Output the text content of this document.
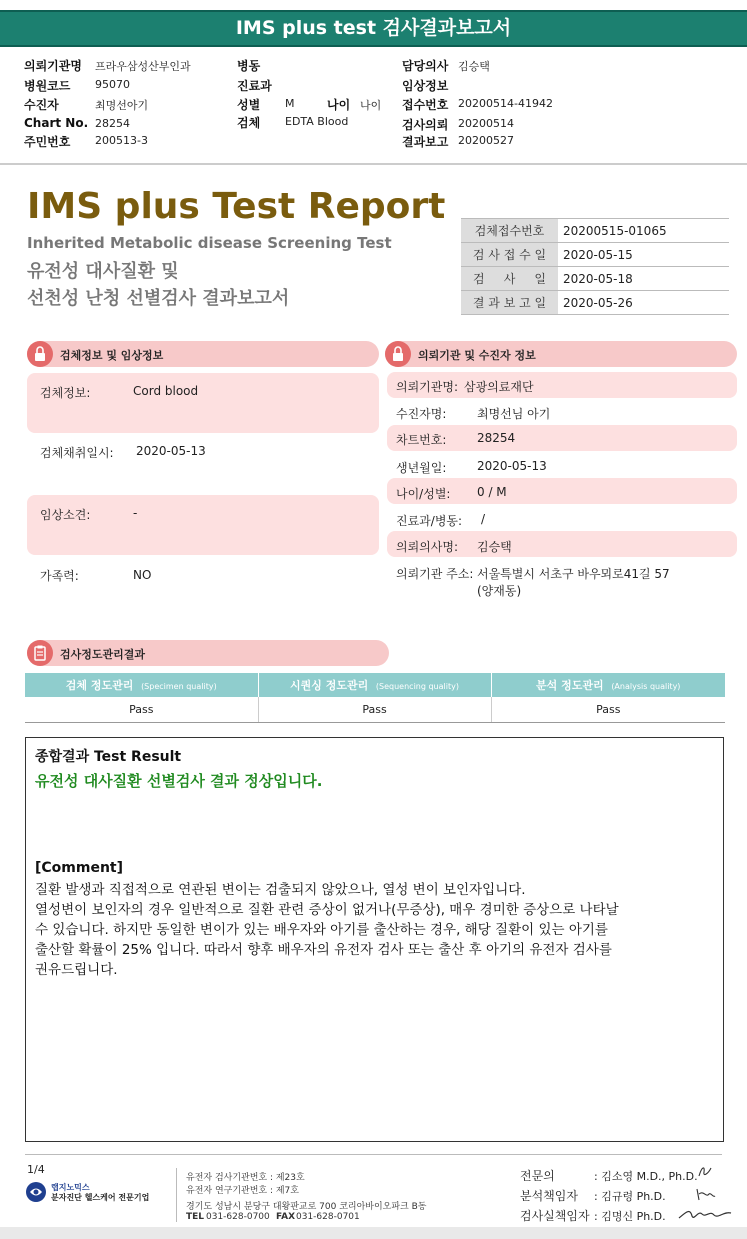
IMS plus test 검사결과보고서
의뢰기관명 프라우삼성산부인과
병원코드 95070
수진자	최명선아기
Chart No. 28254
주민번호 200513-3
병동
진료과
성별 M	나이 나이
검체 EDTA Blood
담당의사 김승택
임상정보
접수번호 20200514-41942
검사의뢰 20200514
결과보고 20200527
IMS plus Test Report
Inherited Metabolic disease Screening Test
유전성 대사질환 및
선천성 난청 선별검사 결과보고서
검체접수번호	20200515-01065
검 사 접 수 일	2020-05-15
검     사     일	2020-05-18
결 과 보 고 일	2020-05-26
검체정보 및 임상정보
검체정보:	Cord blood
검체채취일시: 2020-05-13
임상소견:	-
가족력:	NO
의뢰기관 및 수진자 정보
의뢰기관명: 삼광의료재단
수진자명:	최명선님 아기
차트번호:	28254
생년월일:	2020-05-13
나이/성별: 0 / M
진료과/병동: /
의뢰의사명: 김승택
의뢰기관 주소: 서울특별시 서초구 바우뫼로41길 57
(양재동)
검사정도관리결과
검체 정도관리 (Specimen quality)	시퀀싱 정도관리 (Sequencing quality)	분석 정도관리 (Analysis quality)
Pass	Pass	Pass
종합결과 Test Result
유전성 대사질환 선별검사 결과 정상입니다.
[Comment]
질환 발생과 직접적으로 연관된 변이는 검출되지 않았으나, 열성 변이 보인자입니다.
열성변이 보인자의 경우 일반적으로 질환 관련 증상이 없거나(무증상), 매우 경미한 증상으로 나타날
수 있습니다. 하지만 동일한 변이가 있는 배우자와 아기를 출산하는 경우, 해당 질환이 있는 아기를
출산할 확률이 25% 입니다. 따라서 향후 배우자의 유전자 검사 또는 출산 후 아기의 유전자 검사를
권유드립니다.
1/4
랩지노믹스
분자진단 헬스케어 전문기업
유전자 검사기관번호 : 제23호
유전자 연구기관번호 : 제7호
경기도 성남시 분당구 대왕판교로 700 코리아바이오파크 B동
TEL 031-628-0700 FAX 031-628-0701
전문의	: 김소영 M.D., Ph.D.
분석책임자 : 김규령 Ph.D.
검사실책임자 : 김명신 Ph.D.
